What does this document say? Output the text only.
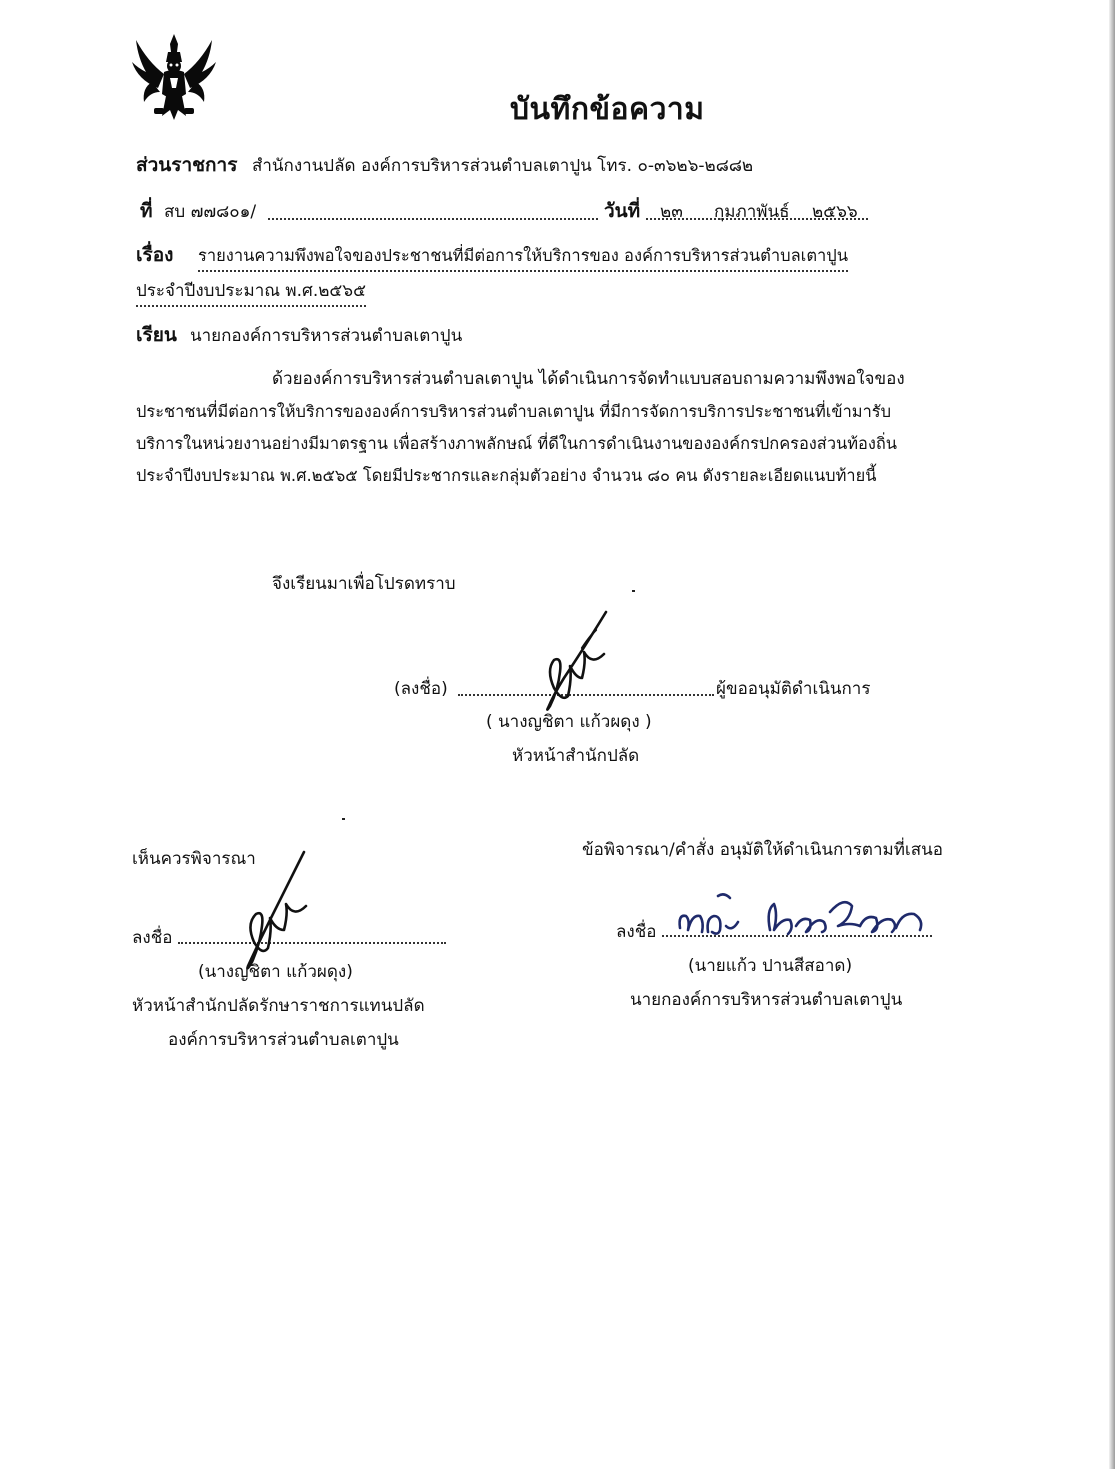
บันทึกข้อความ
ส่วนราชการ สำนักงานปลัด องค์การบริหารส่วนตำบลเตาปูน โทร. ๐-๓๖๒๖-๒๘๘๒
ที่ สบ ๗๗๘๐๑/	วันที่ ๒๓ กุมภาพันธ์ ๒๕๖๖
เรื่อง รายงานความพึงพอใจของประชาชนที่มีต่อการให้บริการของ องค์การบริหารส่วนตำบลเตาปูน
ประจำปีงบประมาณ พ.ศ.๒๕๖๕
เรียน นายกองค์การบริหารส่วนตำบลเตาปูน
ด้วยองค์การบริหารส่วนตำบลเตาปูน ได้ดำเนินการจัดทำแบบสอบถามความพึงพอใจของ
ประชาชนที่มีต่อการให้บริการขององค์การบริหารส่วนตำบลเตาปูน ที่มีการจัดการบริการประชาชนที่เข้ามารับ
บริการในหน่วยงานอย่างมีมาตรฐาน เพื่อสร้างภาพลักษณ์ ที่ดีในการดำเนินงานขององค์กรปกครองส่วนท้องถิ่น
ประจำปีงบประมาณ พ.ศ.๒๕๖๕ โดยมีประชากรและกลุ่มตัวอย่าง จำนวน ๘๐ คน ดังรายละเอียดแนบท้ายนี้
จึงเรียนมาเพื่อโปรดทราบ
(ลงชื่อ)	ผู้ขออนุมัติดำเนินการ
( นางญชิตา แก้วผดุง )
หัวหน้าสำนักปลัด
เห็นควรพิจารณา
ลงชื่อ
(นางญชิตา แก้วผดุง)
หัวหน้าสำนักปลัดรักษาราชการแทนปลัด
องค์การบริหารส่วนตำบลเตาปูน
ข้อพิจารณา/คำสั่ง อนุมัติให้ดำเนินการตามที่เสนอ
ลงชื่อ
(นายแก้ว ปานสีสอาด)
นายกองค์การบริหารส่วนตำบลเตาปูน
